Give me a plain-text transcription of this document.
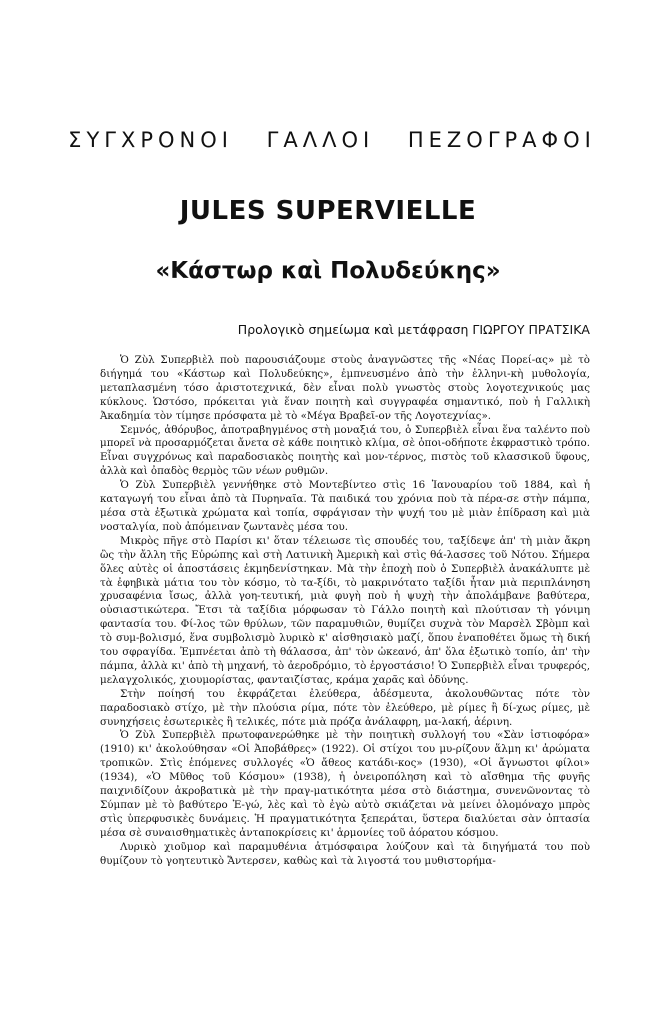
ΣΥΓΧΡΟΝΟΙ ΓΑΛΛΟΙ ΠΕΖΟΓΡΑΦΟΙ
JULES SUPERVIELLE
«Κάστωρ καὶ Πολυδεύκης»
Προλογικὸ σημείωμα καὶ μετάφραση ΓΙΩΡΓΟΥ ΠΡΑΤΣΙΚΑ

Ὁ Ζὺλ Συπερβιὲλ ποὺ παρουσιάζουμε στοὺς ἀναγνῶστες τῆς «Νέας Πορεί-ας» μὲ τὸ διήγημά του «Κάστωρ καὶ Πολυδεύκης», ἐμπνευσμένο ἀπὸ τὴν ἑλληνι-κὴ μυθολογία, μεταπλασμένη τόσο ἀριστοτεχνικά, δὲν εἶναι πολὺ γνωστὸς στοὺς λογοτεχνικούς μας κύκλους. Ὡστόσο, πρόκειται γιὰ ἕναν ποιητὴ καὶ συγγραφέα σημαντικό, ποὺ ἡ Γαλλικὴ Ἀκαδημία τὸν τίμησε πρόσφατα μὲ τὸ «Μέγα Βραβεῖ-ον τῆς Λογοτεχνίας».

Σεμνός, ἀθόρυβος, ἀποτραβηγμένος στὴ μοναξιά του, ὁ Συπερβιὲλ εἶναι ἕνα ταλέντο ποὺ μπορεῖ νὰ προσαρμόζεται ἄνετα σὲ κάθε ποιητικὸ κλίμα, σὲ ὁποι-οδήποτε ἐκφραστικὸ τρόπο. Εἶναι συγχρόνως καὶ παραδοσιακὸς ποιητὴς καὶ μον-τέρνος, πιστὸς τοῦ κλασσικοῦ ὕφους, ἀλλὰ καὶ ὀπαδὸς θερμὸς τῶν νέων ρυθμῶν.

Ὁ Ζὺλ Συπερβιὲλ γεννήθηκε στὸ Μοντεβίντεο στὶς 16 Ἰανουαρίου τοῦ 1884, καὶ ἡ καταγωγή του εἶναι ἀπὸ τὰ Πυρηναῖα. Τὰ παιδικά του χρόνια ποὺ τὰ πέρα-σε στὴν πάμπα, μέσα στὰ ἐξωτικὰ χρώματα καὶ τοπία, σφράγισαν τὴν ψυχή του μὲ μιὰν ἐπίδραση καὶ μιὰ νοσταλγία, ποὺ ἀπόμειναν ζωντανὲς μέσα του.

Μικρὸς πῆγε στὸ Παρίσι κι' ὅταν τέλειωσε τὶς σπουδές του, ταξίδεψε ἀπ' τὴ μιὰν ἄκρη ὣς τὴν ἄλλη τῆς Εὐρώπης καὶ στὴ Λατινικὴ Ἀμερικὴ καὶ στὶς θά-λασσες τοῦ Νότου. Σήμερα ὅλες αὐτὲς οἱ ἀποστάσεις ἐκμηδενίστηκαν. Μὰ τὴν ἐποχὴ ποὺ ὁ Συπερβιὲλ ἀνακάλυπτε μὲ τὰ ἐφηβικὰ μάτια του τὸν κόσμο, τὸ τα-ξίδι, τὸ μακρινότατο ταξίδι ἦταν μιὰ περιπλάνηση χρυσαφένια ἴσως, ἀλλὰ γοη-τευτική, μιὰ φυγὴ ποὺ ἡ ψυχὴ τὴν ἀπολάμβανε βαθύτερα, οὐσιαστικώτερα. Ἔτσι τὰ ταξίδια μόρφωσαν τὸ Γάλλο ποιητὴ καὶ πλούτισαν τὴ γόνιμη φαντασία του. Φί-λος τῶν θρύλων, τῶν παραμυθιῶν, θυμίζει συχνὰ τὸν Μαρσὲλ Σβὸμπ καὶ τὸ συμ-βολισμό, ἕνα συμβολισμὸ λυρικὸ κ' αἰσθησιακὸ μαζί, ὅπου ἐναποθέτει ὅμως τὴ δική του σφραγίδα. Ἐμπνέεται ἀπὸ τὴ θάλασσα, ἀπ' τὸν ὠκεανό, ἀπ' ὅλα ἐξωτικὸ τοπίο, ἀπ' τὴν πάμπα, ἀλλὰ κι' ἀπὸ τὴ μηχανή, τὸ ἀεροδρόμιο, τὸ ἐργοστάσιο! Ὁ Συπερβιὲλ εἶναι τρυφερός, μελαγχολικός, χιουμορίστας, φανταιζίστας, κράμα χαρᾶς καὶ ὀδύνης.

Στὴν ποίησή του ἐκφράζεται ἐλεύθερα, ἀδέσμευτα, ἀκολουθῶντας πότε τὸν παραδοσιακὸ στίχο, μὲ τὴν πλούσια ρίμα, πότε τὸν ἐλεύθερο, μὲ ρίμες ἢ δί-χως ρίμες, μὲ συνηχήσεις ἐσωτερικὲς ἢ τελικές, πότε μιὰ πρόζα ἀνάλαφρη, μα-λακή, ἀέρινη.

Ὁ Ζὺλ Συπερβιὲλ πρωτοφανερώθηκε μὲ τὴν ποιητικὴ συλλογή του «Σὰν ἰστιοφόρα» (1910) κι' ἀκολούθησαν «Οἱ Ἀποβάθρες» (1922). Οἱ στίχοι του μυ-ρίζουν ἅλμη κι' ἀρώματα τροπικῶν. Στὶς ἑπόμενες συλλογές «Ὁ ἄθεος κατάδι-κος» (1930), «Οἱ ἄγνωστοι φίλοι» (1934), «Ὁ Μῦθος τοῦ Κόσμου» (1938), ἡ ὀνειροπόληση καὶ τὸ αἴσθημα τῆς φυγῆς παιχνιδίζουν ἀκροβατικὰ μὲ τὴν πραγ-ματικότητα μέσα στὸ διάστημα, συνενῶνοντας τὸ Σύμπαν μὲ τὸ βαθύτερο Ἐ-γώ, λὲς καὶ τὸ ἐγὼ αὐτὸ σκιάζεται νὰ μείνει ὁλομόναχο μπρὸς στὶς ὑπερφυσικὲς δυνάμεις. Ἡ πραγματικότητα ξεπεράται, ὕστερα διαλύεται σὰν ὀπτασία μέσα σὲ συναισθηματικὲς ἀνταποκρίσεις κι' ἁρμονίες τοῦ ἀόρατου κόσμου.

Λυρικὸ χιοῦμορ καὶ παραμυθένια ἀτμόσφαιρα λούζουν καὶ τὰ διηγήματά του ποὺ θυμίζουν τὸ γοητευτικὸ Ἄντερσεν, καθὼς καὶ τὰ λιγοστά του μυθιστορήμα-
